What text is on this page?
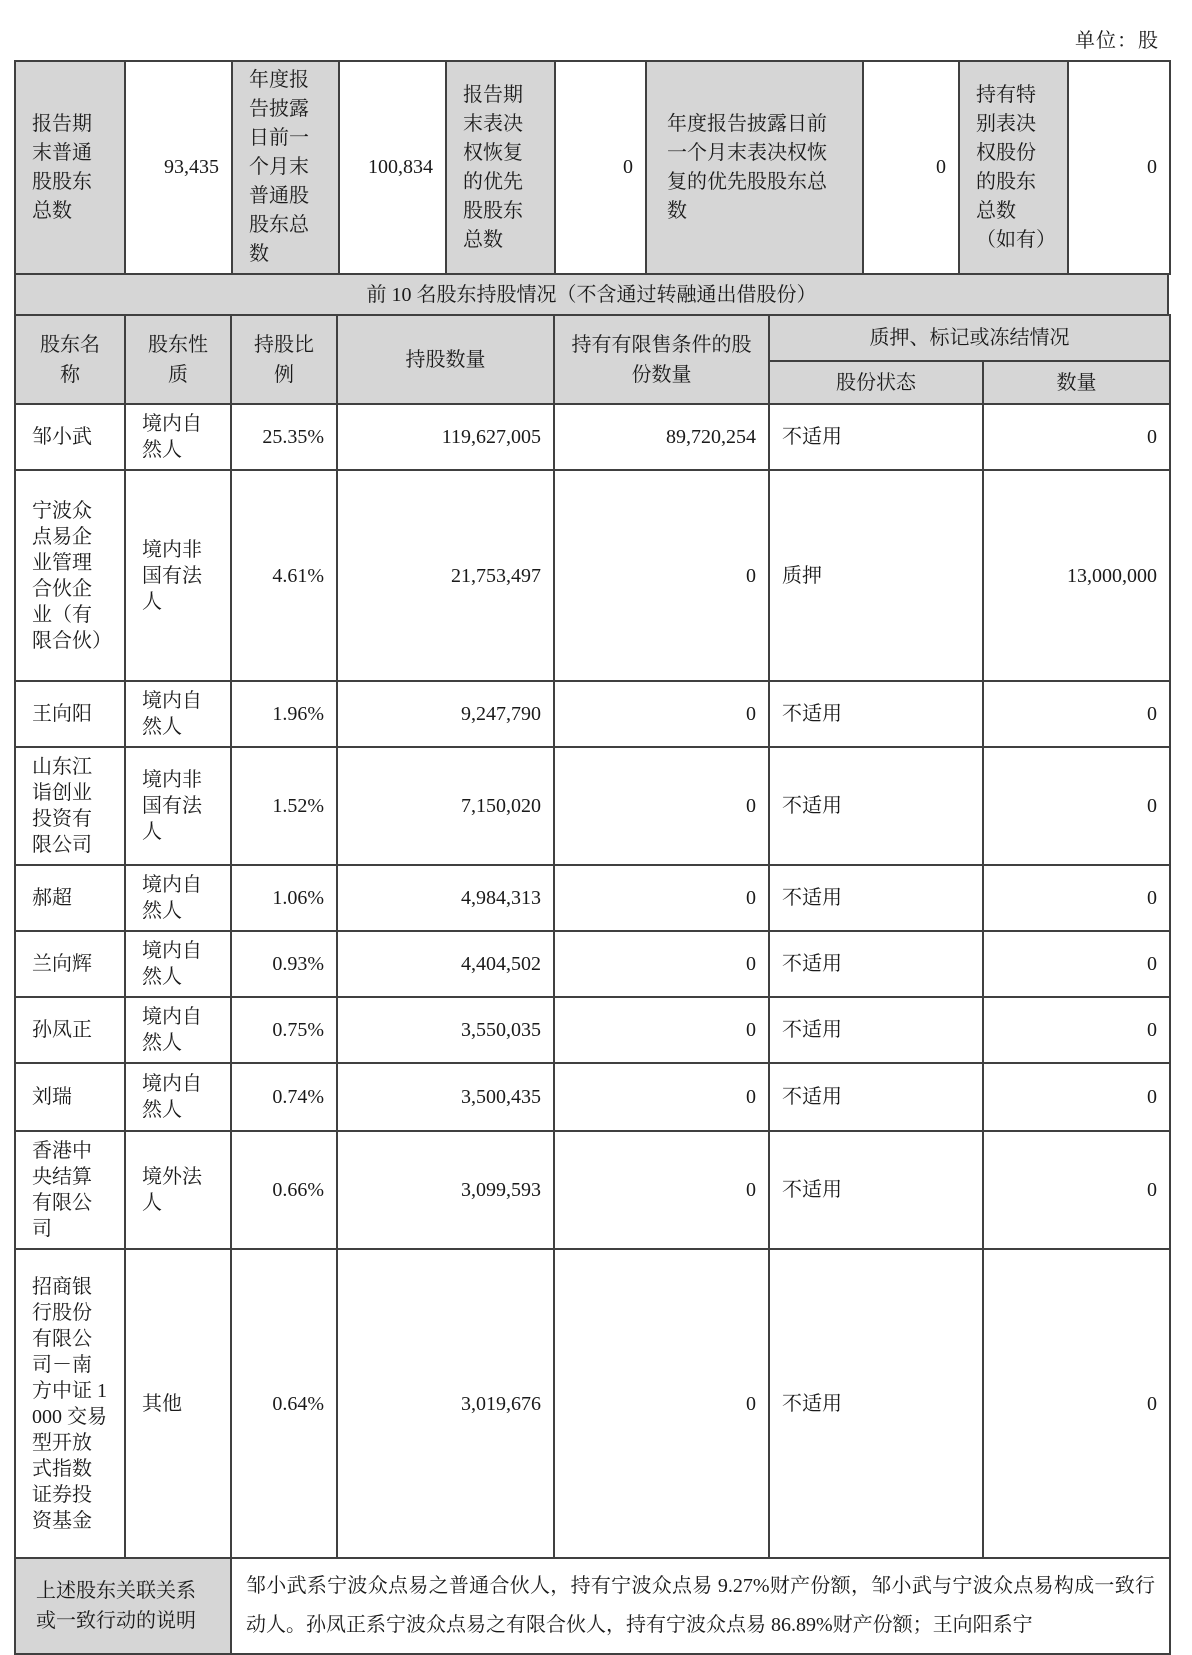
单位：股
报告期末普通股股东总数	93,435	年度报告披露日前一个月末普通股股东总数	100,834	报告期末表决权恢复的优先股股东总数	0	年度报告披露日前一个月末表决权恢复的优先股股东总数	0	持有特别表决权股份的股东总数（如有）	0
前 10 名股东持股情况（不含通过转融通出借股份）
股东名称	股东性质	持股比例	持股数量	持有有限售条件的股份数量	质押、标记或冻结情况	
					股份状态	数量
邹小武	境内自然人	25.35%	119,627,005	89,720,254	不适用	0
宁波众点易企业管理合伙企业（有限合伙）	境内非国有法人	4.61%	21,753,497	0	质押	13,000,000
王向阳	境内自然人	1.96%	9,247,790	0	不适用	0
山东江诣创业投资有限公司	境内非国有法人	1.52%	7,150,020	0	不适用	0
郝超	境内自然人	1.06%	4,984,313	0	不适用	0
兰向辉	境内自然人	0.93%	4,404,502	0	不适用	0
孙凤正	境内自然人	0.75%	3,550,035	0	不适用	0
刘瑞	境内自然人	0.74%	3,500,435	0	不适用	0
香港中央结算有限公司	境外法人	0.66%	3,099,593	0	不适用	0
招商银行股份有限公司－南方中证 1000 交易型开放式指数证券投资基金	其他	0.64%	3,019,676	0	不适用	0
上述股东关联关系或一致行动的说明		邹小武系宁波众点易之普通合伙人，持有宁波众点易 9.27%财产份额，邹小武与宁波众点易构成一致行动人。孙凤正系宁波众点易之有限合伙人，持有宁波众点易 86.89%财产份额；王向阳系宁				
